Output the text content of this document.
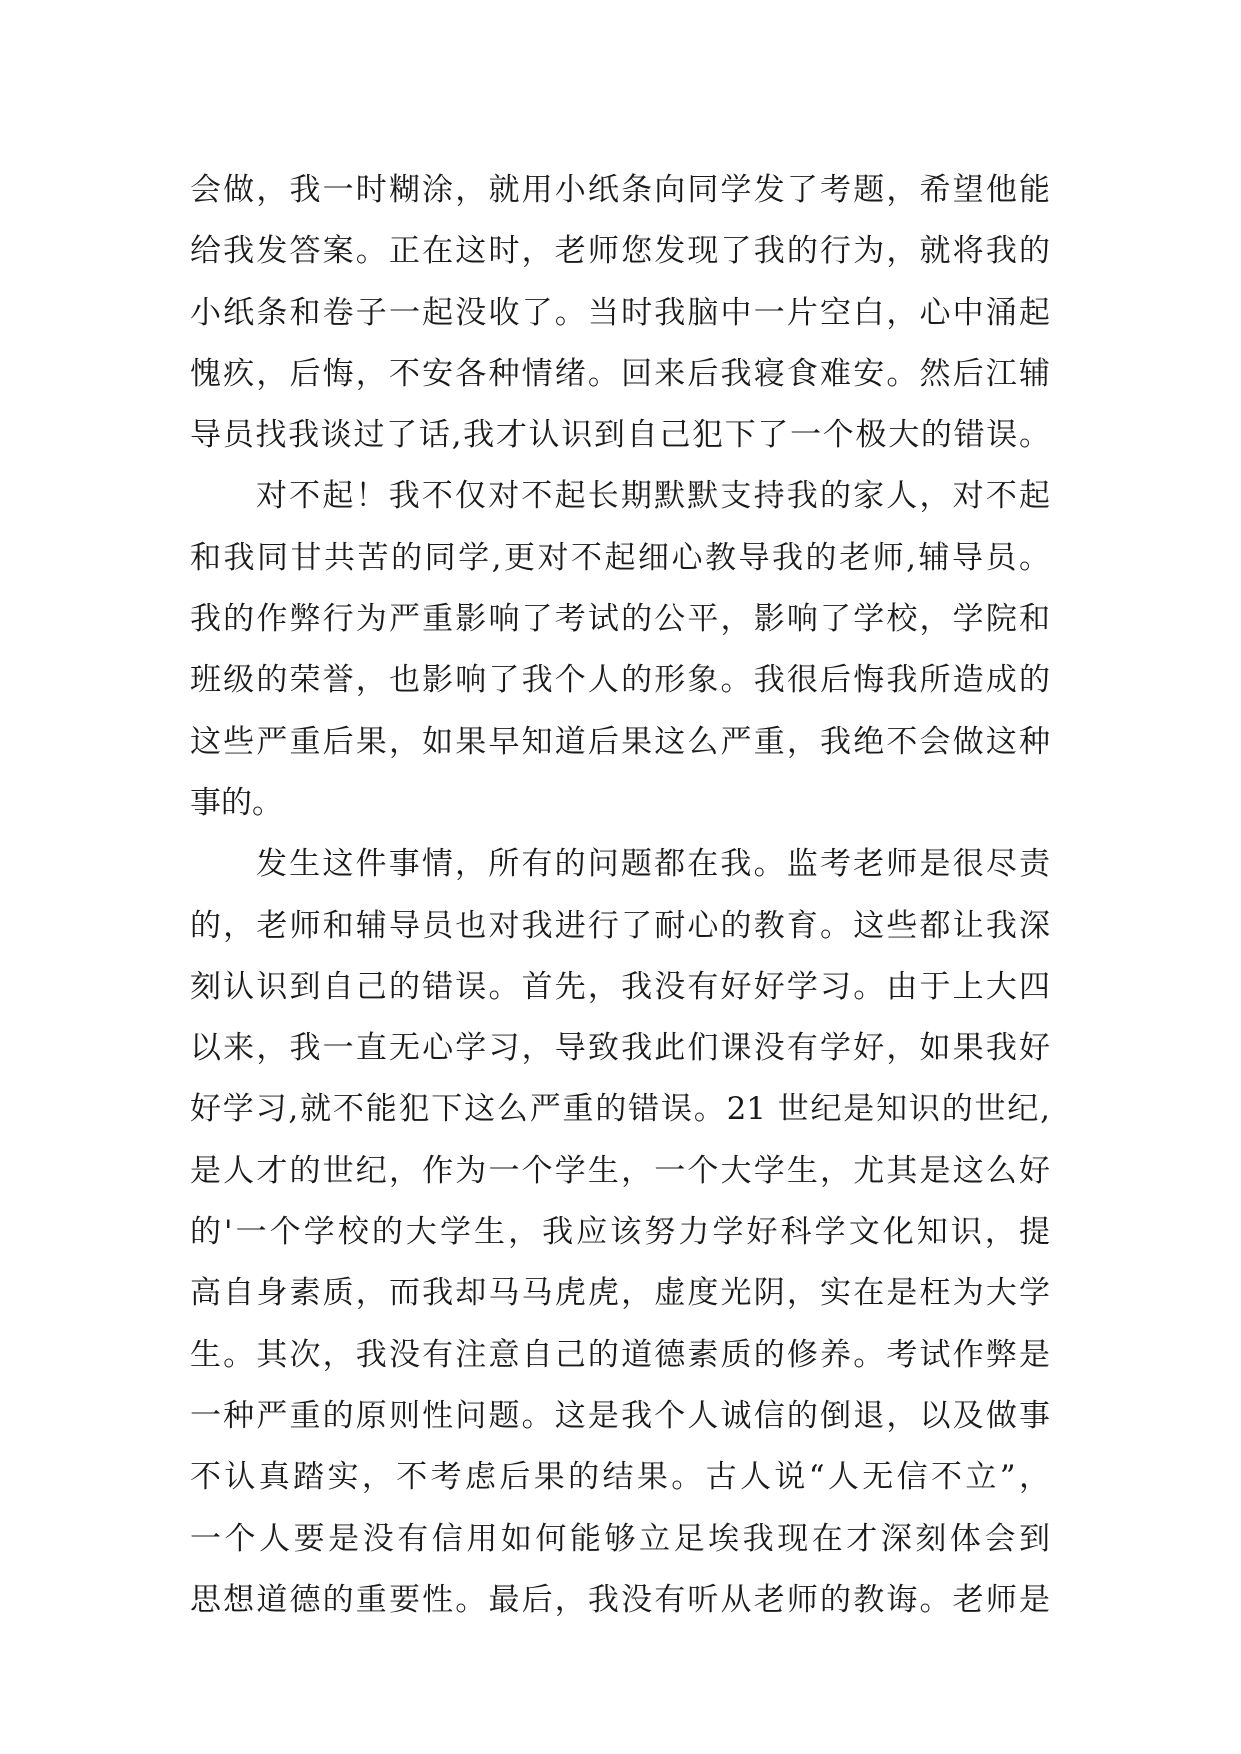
会做，我一时糊涂，就用小纸条向同学发了考题，希望他能
给我发答案。正在这时，老师您发现了我的行为，就将我的
小纸条和卷子一起没收了。当时我脑中一片空白，心中涌起
愧疚，后悔，不安各种情绪。回来后我寝食难安。然后江辅
导员找我谈过了话,我才认识到自己犯下了一个极大的错误。
对不起！我不仅对不起长期默默支持我的家人，对不起
和我同甘共苦的同学,更对不起细心教导我的老师,辅导员。
我的作弊行为严重影响了考试的公平，影响了学校，学院和
班级的荣誉，也影响了我个人的形象。我很后悔我所造成的
这些严重后果，如果早知道后果这么严重，我绝不会做这种
事的。
发生这件事情，所有的问题都在我。监考老师是很尽责
的，老师和辅导员也对我进行了耐心的教育。这些都让我深
刻认识到自己的错误。首先，我没有好好学习。由于上大四
以来，我一直无心学习，导致我此们课没有学好，如果我好
好学习,就不能犯下这么严重的错误。21 世纪是知识的世纪,
是人才的世纪，作为一个学生，一个大学生，尤其是这么好
的'一个学校的大学生，我应该努力学好科学文化知识，提
高自身素质，而我却马马虎虎，虚度光阴，实在是枉为大学
生。其次，我没有注意自己的道德素质的修养。考试作弊是
一种严重的原则性问题。这是我个人诚信的倒退，以及做事
不认真踏实，不考虑后果的结果。古人说“人无信不立”，
一个人要是没有信用如何能够立足埃我现在才深刻体会到
思想道德的重要性。最后，我没有听从老师的教诲。老师是
